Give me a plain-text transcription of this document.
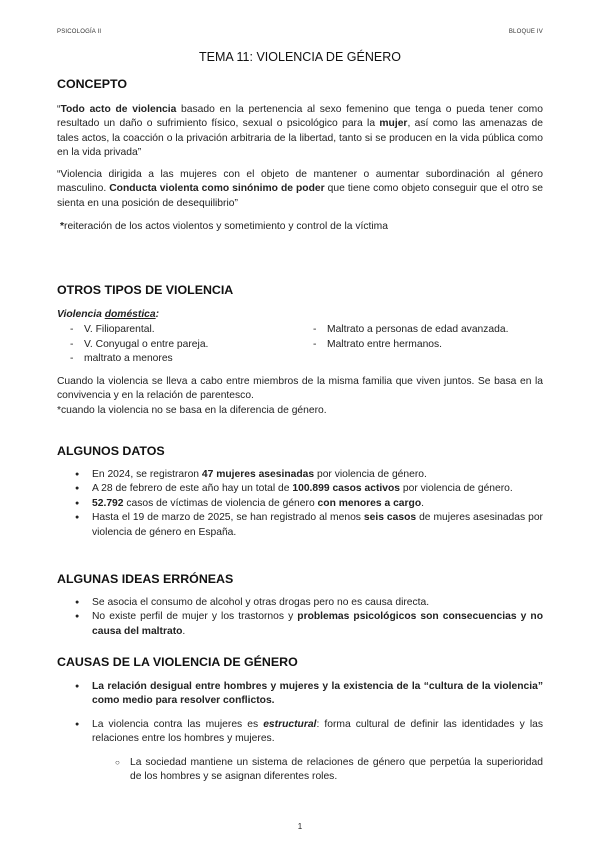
PSICOLOGÍA II	BLOQUE IV
TEMA 11: VIOLENCIA DE GÉNERO
CONCEPTO

“Todo acto de violencia basado en la pertenencia al sexo femenino que tenga o pueda tener como resultado un daño o sufrimiento físico, sexual o psicológico para la mujer, así como las amenazas de tales actos, la coacción o la privación arbitraria de la libertad, tanto si se producen en la vida pública como en la vida privada”

“Violencia dirigida a las mujeres con el objeto de mantener o aumentar subordinación al género masculino. Conducta violenta como sinónimo de poder que tiene como objeto conseguir que el otro se sienta en una posición de desequilibrio”

*reiteración de los actos violentos y sometimiento y control de la víctima

OTROS TIPOS DE VIOLENCIA

Violencia doméstica:

- V. Filioparental.
- V. Conyugal o entre pareja.
- maltrato a menores
- Maltrato a personas de edad avanzada.
- Maltrato entre hermanos.

Cuando la violencia se lleva a cabo entre miembros de la misma familia que viven juntos. Se basa en la convivencia y en la relación de parentesco.

*cuando la violencia no se basa en la diferencia de género.

ALGUNOS DATOS
● En 2024, se registraron 47 mujeres asesinadas por violencia de género.
● A 28 de febrero de este año hay un total de 100.899 casos activos por violencia de género.
● 52.792 casos de víctimas de violencia de género con menores a cargo.
● Hasta el 19 de marzo de 2025, se han registrado al menos seis casos de mujeres asesinadas por violencia de género en España.
ALGUNAS IDEAS ERRÓNEAS
● Se asocia el consumo de alcohol y otras drogas pero no es causa directa.
● No existe perfil de mujer y los trastornos y problemas psicológicos son consecuencias y no causa del maltrato.
CAUSAS DE LA VIOLENCIA DE GÉNERO
● La relación desigual entre hombres y mujeres y la existencia de la “cultura de la violencia” como medio para resolver conflictos.
● La violencia contra las mujeres es estructural: forma cultural de definir las identidades y las relaciones entre los hombres y mujeres.
○ La sociedad mantiene un sistema de relaciones de género que perpetúa la superioridad de los hombres y se asignan diferentes roles.
1
